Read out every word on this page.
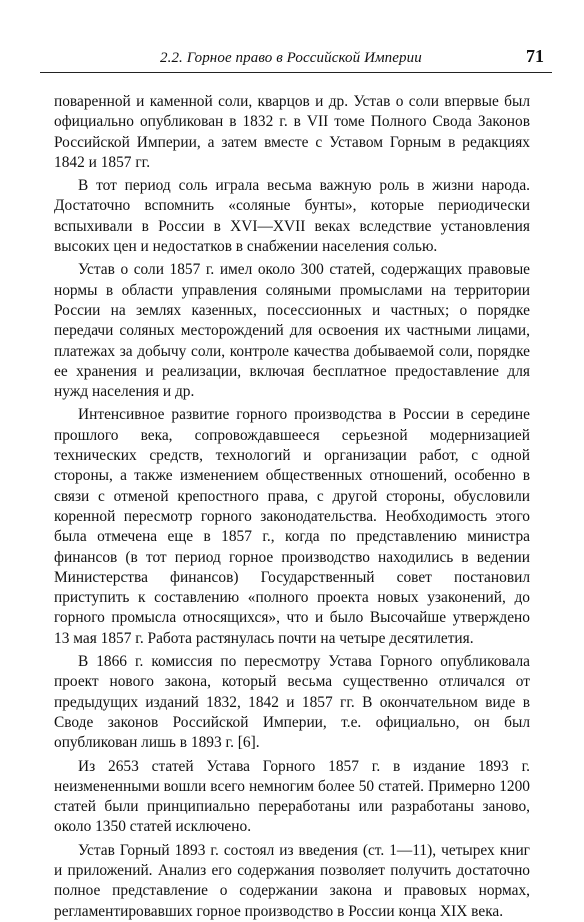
2.2. Горное право в Российской Империи	71

поваренной и каменной соли, кварцов и др. Устав о соли впервые был официально опубликован в 1832 г. в VII томе Полного Свода Законов Российской Империи, а затем вместе с Уставом Горным в редакциях 1842 и 1857 гг.

В тот период соль играла весьма важную роль в жизни народа. Достаточно вспомнить «соляные бунты», которые периодически вспыхивали в России в XVI—XVII веках вследствие установления высоких цен и недостатков в снабжении населения солью.

Устав о соли 1857 г. имел около 300 статей, содержащих правовые нормы в области управления соляными промыслами на территории России на землях казенных, посессионных и частных; о порядке передачи соляных месторождений для освоения их частными лицами, платежах за добычу соли, контроле качества добываемой соли, порядке ее хранения и реализации, включая бесплатное предоставление для нужд населения и др.

Интенсивное развитие горного производства в России в середине прошлого века, сопровождавшееся серьезной модернизацией технических средств, технологий и организации работ, с одной стороны, а также изменением общественных отношений, особенно в связи с отменой крепостного права, с другой стороны, обусловили коренной пересмотр горного законодательства. Необходимость этого была отмечена еще в 1857 г., когда по представлению министра финансов (в тот период горное производство находились в ведении Министерства финансов) Государственный совет постановил приступить к составлению «полного проекта новых узаконений, до горного промысла относящихся», что и было Высочайше утверждено 13 мая 1857 г. Работа растянулась почти на четыре десятилетия.

В 1866 г. комиссия по пересмотру Устава Горного опубликовала проект нового закона, который весьма существенно отличался от предыдущих изданий 1832, 1842 и 1857 гг. В окончательном виде в Своде законов Российской Империи, т.е. официально, он был опубликован лишь в 1893 г. [6].

Из 2653 статей Устава Горного 1857 г. в издание 1893 г. неизмененными вошли всего немногим более 50 статей. Примерно 1200 статей были принципиально переработаны или разработаны заново, около 1350 статей исключено.

Устав Горный 1893 г. состоял из введения (ст. 1—11), четырех книг и приложений. Анализ его содержания позволяет получить достаточно полное представление о содержании закона и правовых нормах, регламентировавших горное производство в России конца XIX века.
